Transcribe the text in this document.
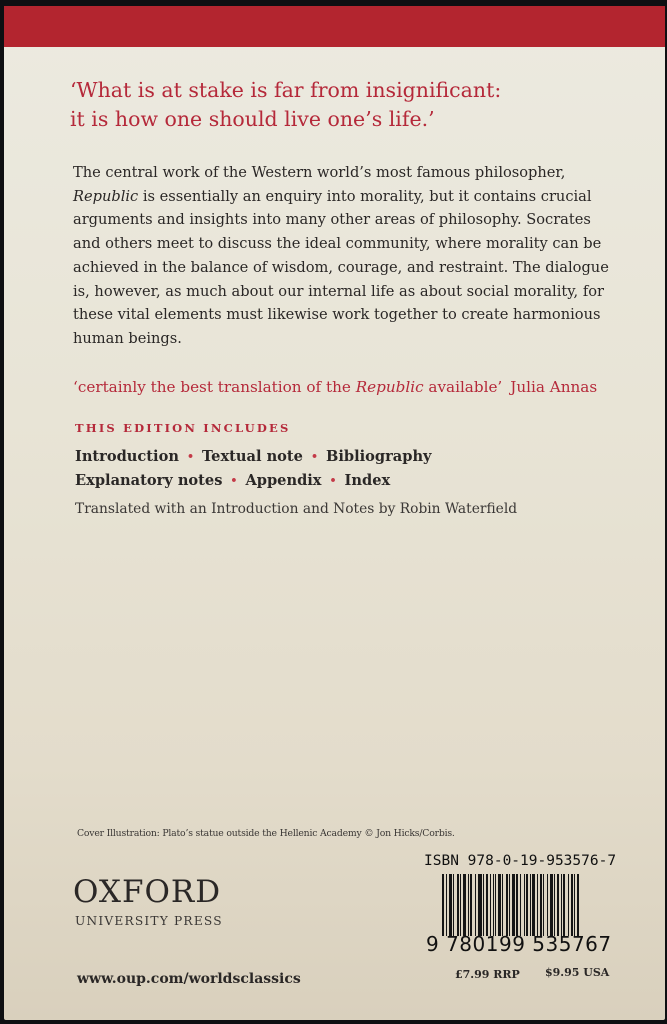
‘What is at stake is far from insignificant:
it is how one should live one’s life.’
The central work of the Western world’s most famous philosopher, Republic is essentially an enquiry into morality, but it contains crucial arguments and insights into many other areas of philosophy. Socrates and others meet to discuss the ideal community, where morality can be achieved in the balance of wisdom, courage, and restraint. The dialogue is, however, as much about our internal life as about social morality, for these vital elements must likewise work together to create harmonious human beings.
‘certainly the best translation of the Republic available’ Julia Annas
THIS EDITION INCLUDES
Introduction • Textual note • Bibliography
Explanatory notes • Appendix • Index
Translated with an Introduction and Notes by Robin Waterfield
Cover Illustration: Plato’s statue outside the Hellenic Academy © Jon Hicks/Corbis.
OXFORD
UNIVERSITY PRESS
www.oup.com/worldsclassics
ISBN 978-0-19-953576-7
9 780199 535767
£7.99 RRP $9.95 USA
